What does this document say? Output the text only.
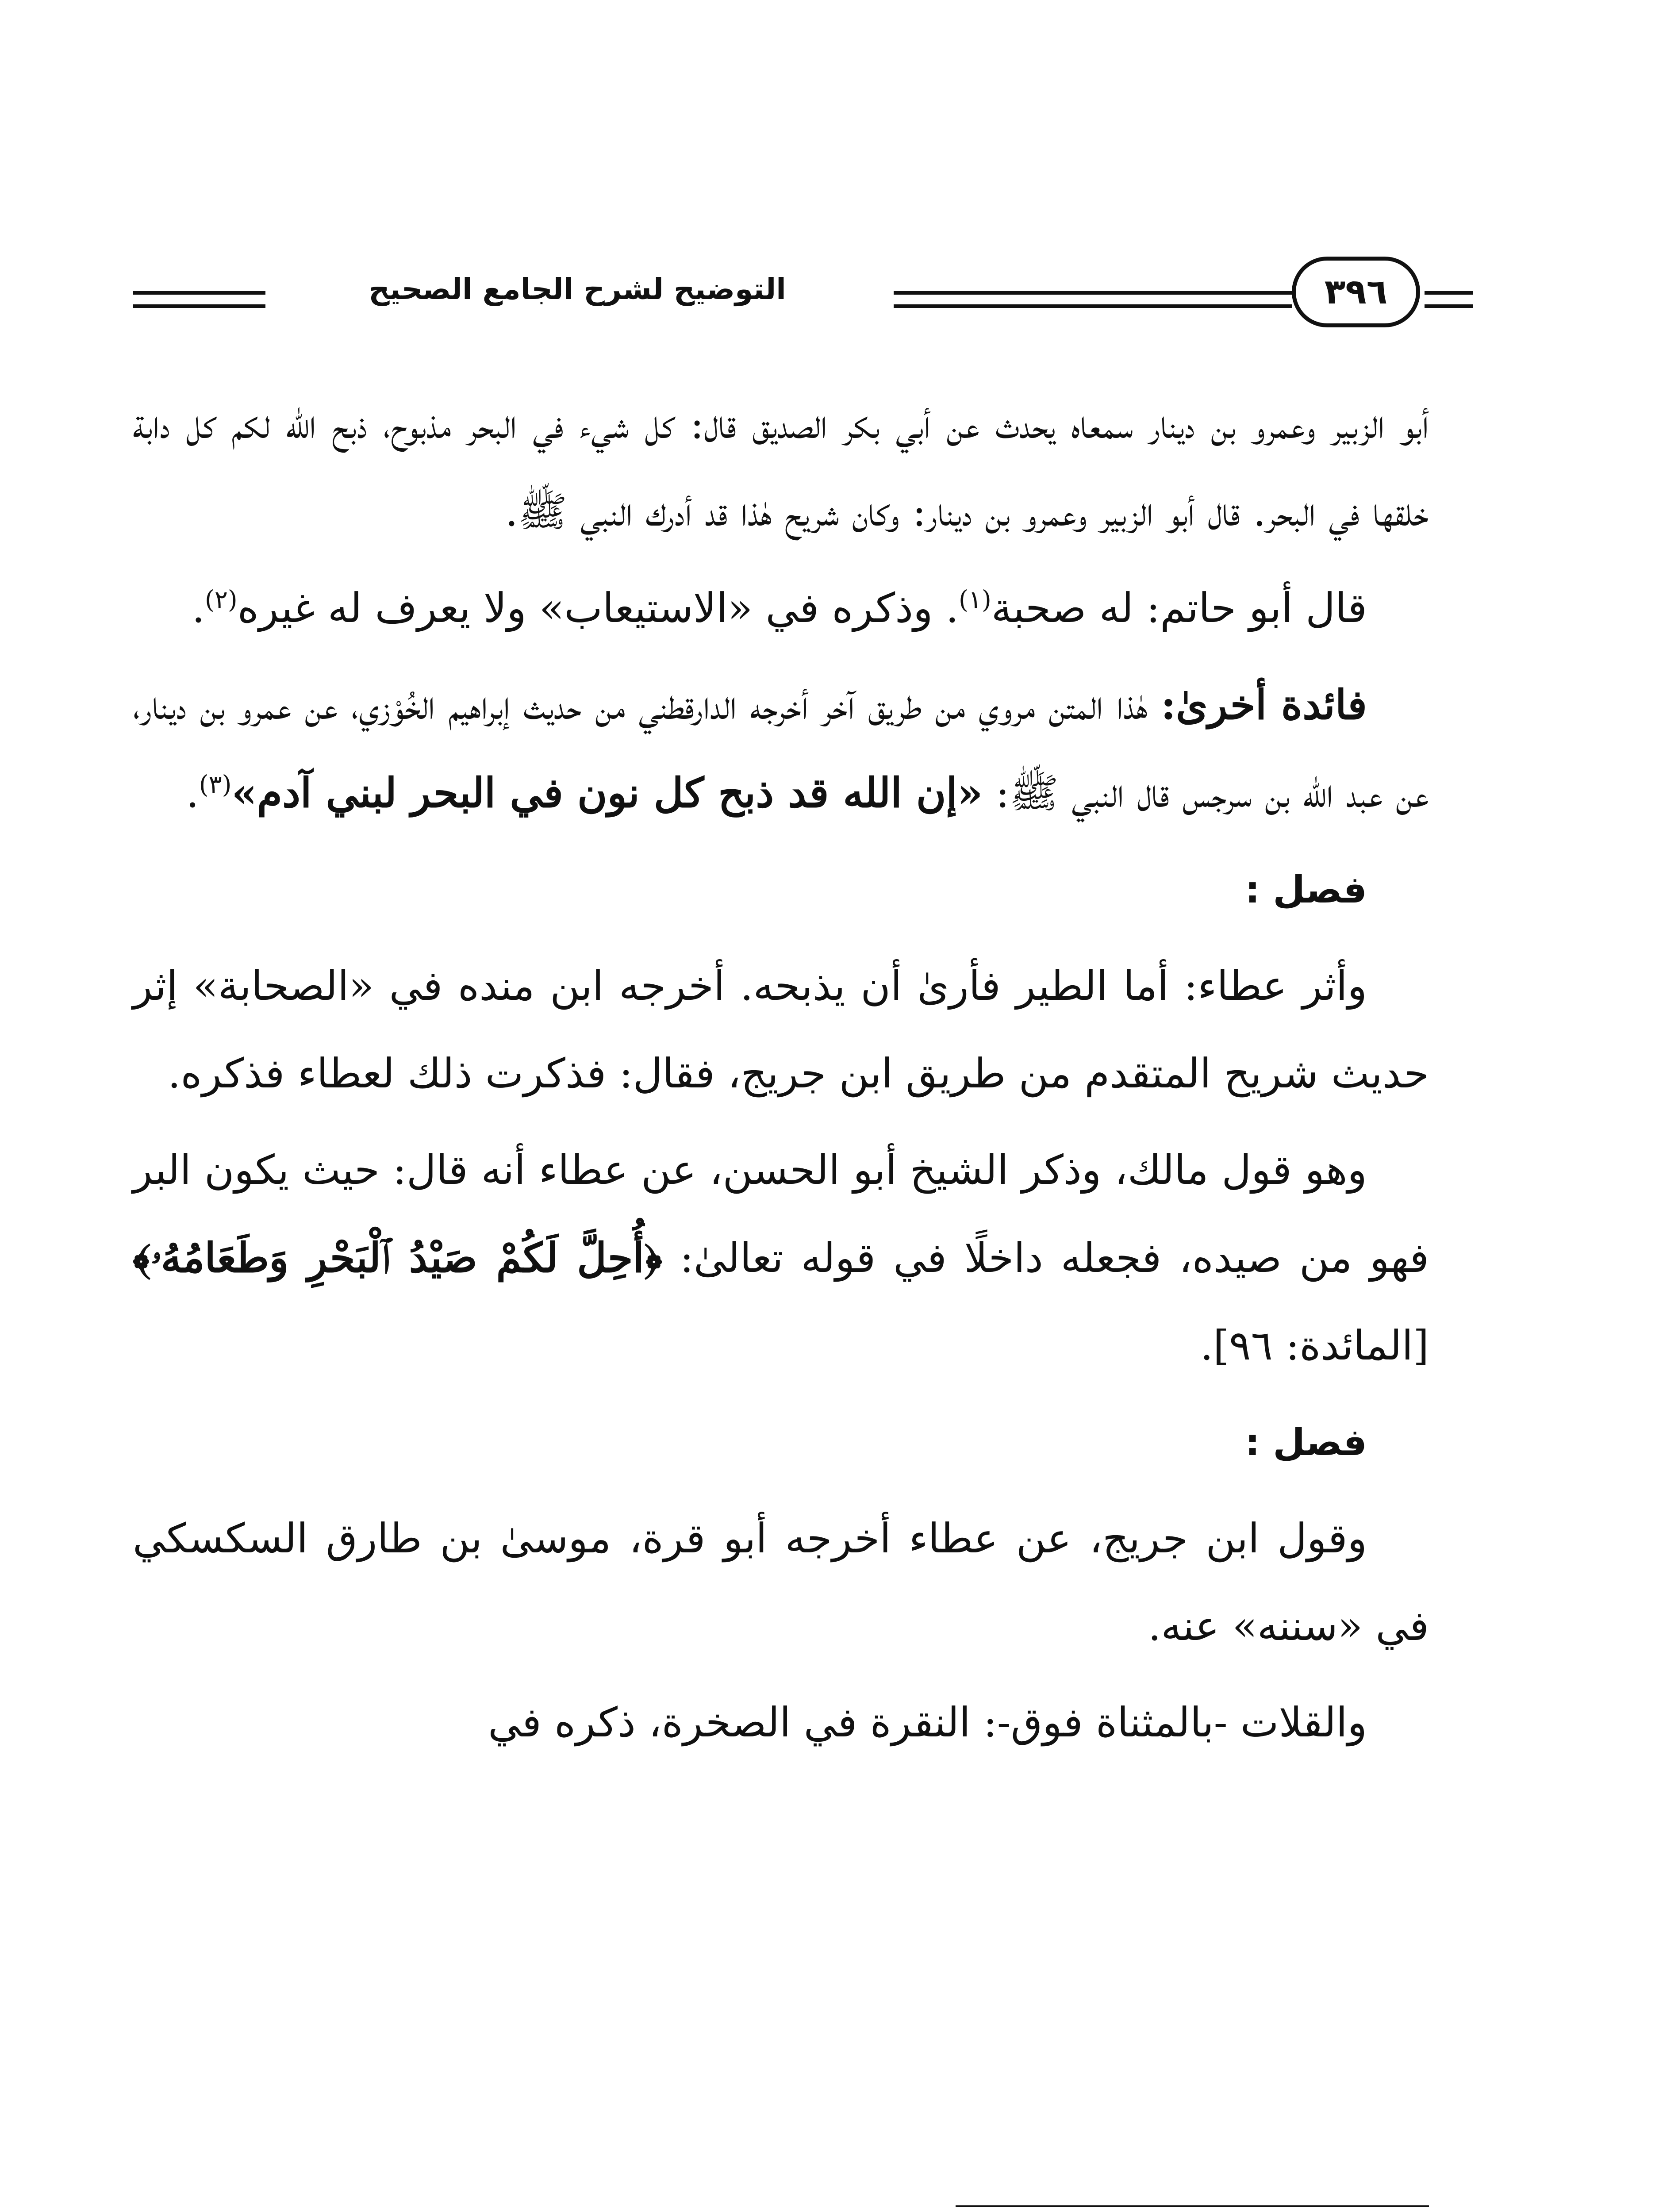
التوضيح لشرح الجامع الصحيح	٣٩٦

أبو الزبير وعمرو بن دينار سمعاه يحدث عن أبي بكر الصديق قال: كل شيء في البحر مذبوح، ذبح الله لكم كل دابة خلقها في البحر. قال أبو الزبير وعمرو بن دينار: وكان شريح هٰذا قد أدرك النبي ﷺ.

قال أبو حاتم: له صحبة$^{(١)}$. وذكره في «الاستيعاب» ولا يعرف له غيره$^{(٢)}$.

فائدة أخرىٰ: هٰذا المتن مروي من طريق آخر أخرجه الدارقطني من حديث إبراهيم الخُوْزي، عن عمرو بن دينار، عن عبد الله بن سرجس قال النبي ﷺ: «إن الله قد ذبح كل نون في البحر لبني آدم»$^{(٣)}$.

فصل :

وأثر عطاء: أما الطير فأرىٰ أن يذبحه. أخرجه ابن منده في «الصحابة» إثر حديث شريح المتقدم من طريق ابن جريج، فقال: فذكرت ذلك لعطاء فذكره.

وهو قول مالك، وذكر الشيخ أبو الحسن، عن عطاء أنه قال: حيث يكون البر فهو من صيده، فجعله داخلًا في قوله تعالىٰ: ﴿أُحِلَّ لَكُمْ صَيْدُ ٱلْبَحْرِ وَطَعَامُهُۥ﴾ [المائدة: ٩٦].

فصل :

وقول ابن جريج، عن عطاء أخرجه أبو قرة، موسىٰ بن طارق السكسكي في «سننه» عنه.

والقلات -بالمثناة فوق-: النقرة في الصخرة، ذكره في
